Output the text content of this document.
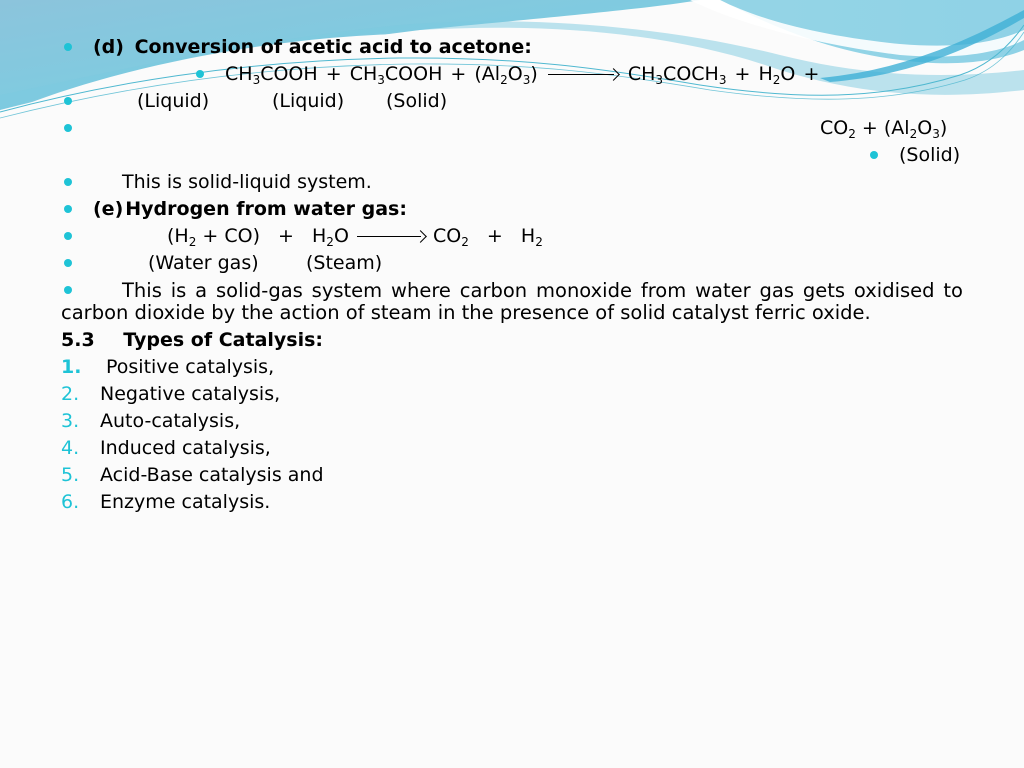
(d) Conversion of acetic acid to acetone:
$CH_3COOH$ + $CH_3COOH + (Al_2O_3)$	$CH_3COCH_3 + H_2O$ +
(Liquid)	(Liquid) (Solid)
$CO_2 + (Al_2O_3)$
(Solid)
This is solid-liquid system.
(e) Hydrogen from water gas:
$(H_2 + CO) + H_2O$	$CO_2 + H_2$
(Water gas) (Steam)
This is a solid-gas system where carbon monoxide from water gas gets oxidised to carbon dioxide by the action of steam in the presence of solid catalyst ferric oxide.
5.3 Types of Catalysis:
1. Positive catalysis,
2. Negative catalysis,
3. Auto-catalysis,
4. Induced catalysis,
5. Acid-Base catalysis and
6. Enzyme catalysis.
